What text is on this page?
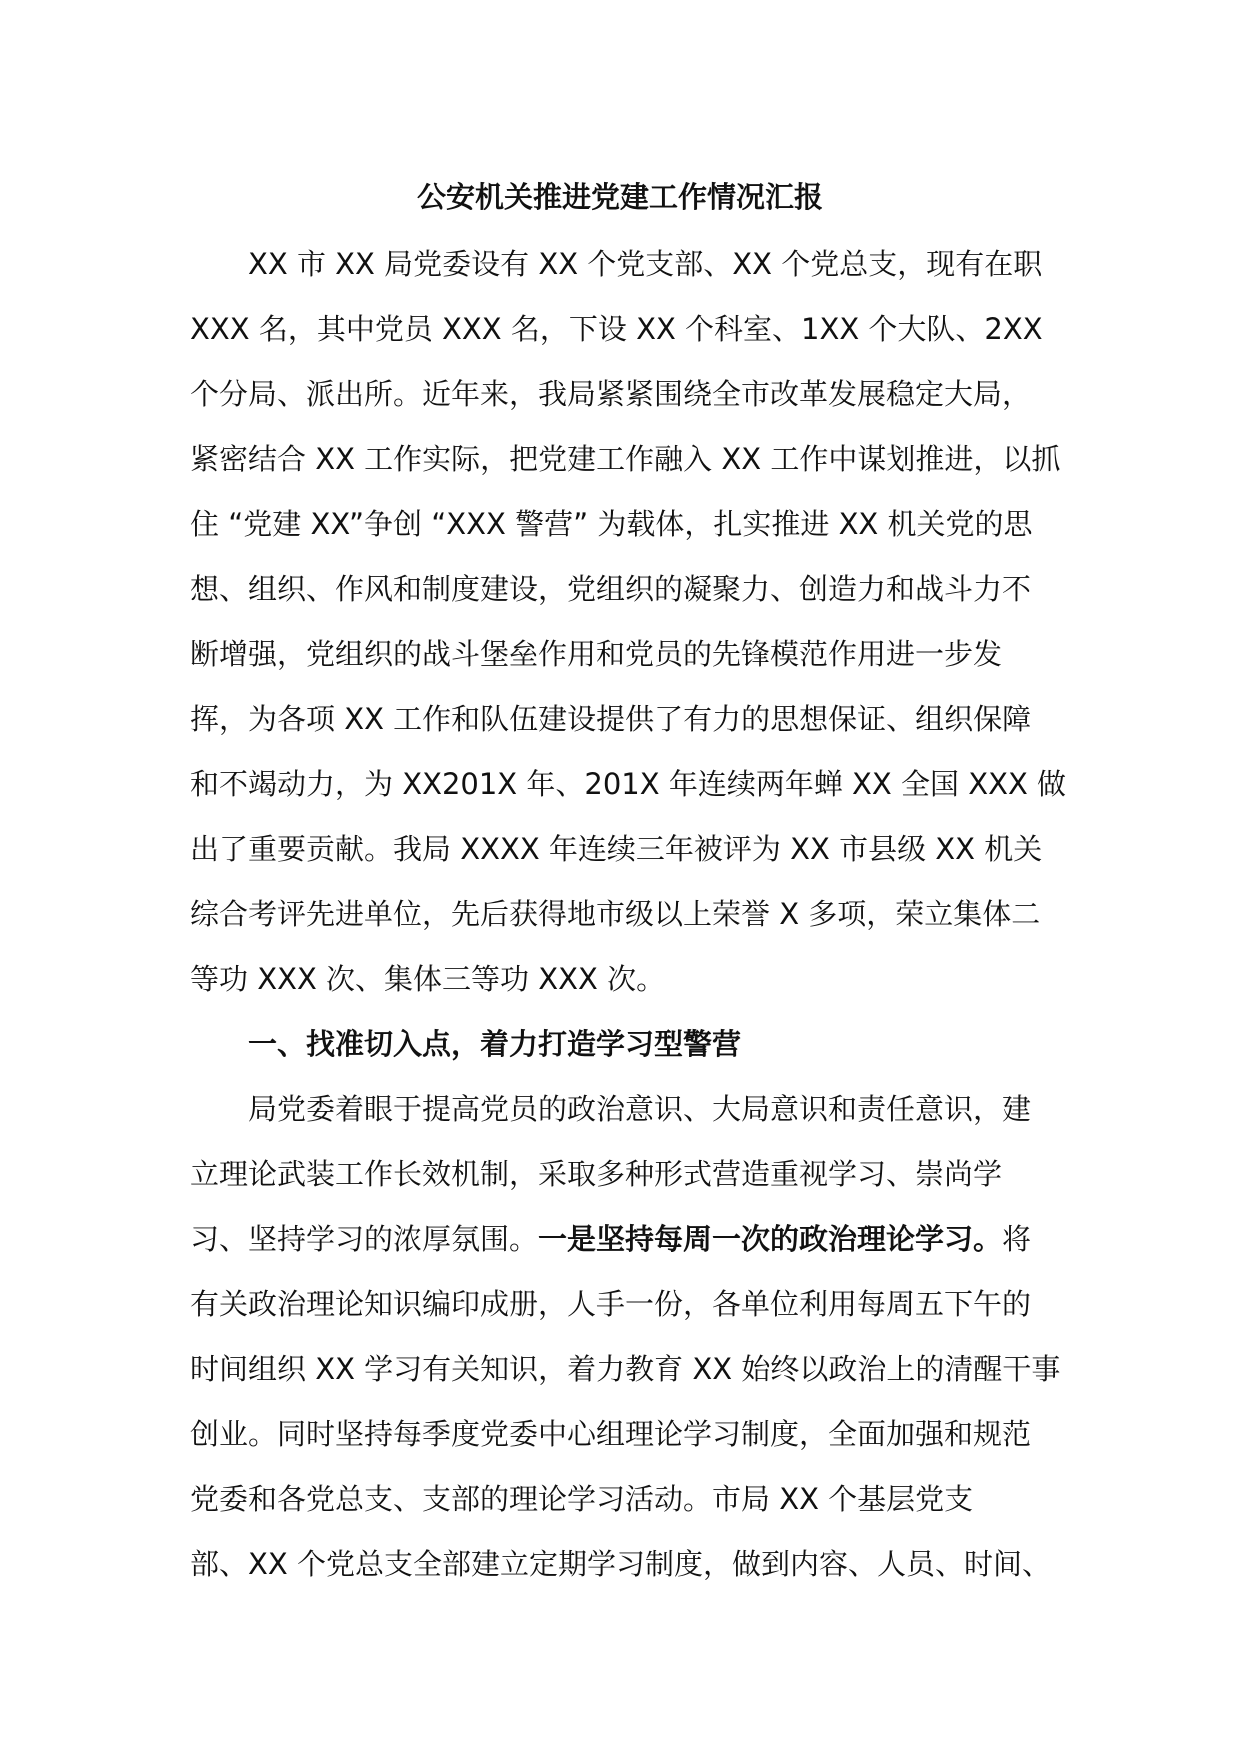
公安机关推进党建工作情况汇报
XX 市 XX 局党委设有 XX 个党支部、XX 个党总支，现有在职
XXX 名，其中党员 XXX 名，下设 XX 个科室、1XX 个大队、2XX
个分局、派出所。近年来，我局紧紧围绕全市改革发展稳定大局，
紧密结合 XX 工作实际，把党建工作融入 XX 工作中谋划推进，以抓
住 “党建 XX”争创 “XXX 警营” 为载体，扎实推进 XX 机关党的思
想、组织、作风和制度建设，党组织的凝聚力、创造力和战斗力不
断增强，党组织的战斗堡垒作用和党员的先锋模范作用进一步发
挥，为各项 XX 工作和队伍建设提供了有力的思想保证、组织保障
和不竭动力，为 XX201X 年、201X 年连续两年蝉 XX 全国 XXX 做
出了重要贡献。我局 XXXX 年连续三年被评为 XX 市县级 XX 机关
综合考评先进单位，先后获得地市级以上荣誉 X 多项，荣立集体二
等功 XXX 次、集体三等功 XXX 次。
一、找准切入点，着力打造学习型警营
局党委着眼于提高党员的政治意识、大局意识和责任意识，建
立理论武装工作长效机制，采取多种形式营造重视学习、崇尚学
习、坚持学习的浓厚氛围。一是坚持每周一次的政治理论学习。将
有关政治理论知识编印成册，人手一份，各单位利用每周五下午的
时间组织 XX 学习有关知识，着力教育 XX 始终以政治上的清醒干事
创业。同时坚持每季度党委中心组理论学习制度，全面加强和规范
党委和各党总支、支部的理论学习活动。市局 XX 个基层党支
部、XX 个党总支全部建立定期学习制度，做到内容、人员、时间、
